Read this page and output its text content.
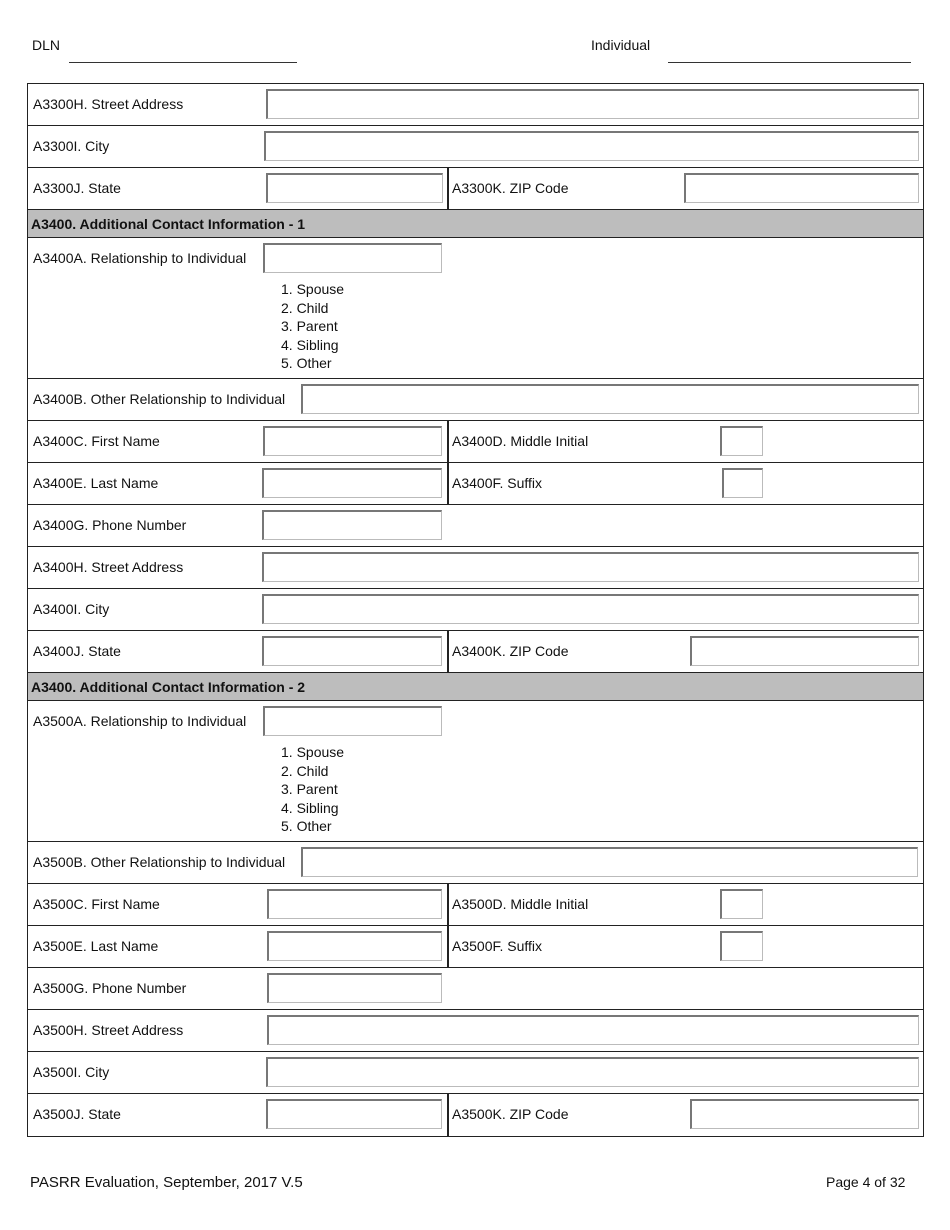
DLN	Individual
A3300H. Street Address
A3300I. City
A3300J. State	A3300K. ZIP Code
A3400. Additional Contact Information - 1
A3400A. Relationship to Individual
1. Spouse
2. Child
3. Parent
4. Sibling
5. Other
A3400B. Other Relationship to Individual
A3400C. First Name	A3400D. Middle Initial
A3400E. Last Name	A3400F. Suffix
A3400G. Phone Number
A3400H. Street Address
A3400I. City
A3400J. State	A3400K. ZIP Code
A3400. Additional Contact Information - 2
A3500A. Relationship to Individual
1. Spouse
2. Child
3. Parent
4. Sibling
5. Other
A3500B. Other Relationship to Individual
A3500C. First Name	A3500D. Middle Initial
A3500E. Last Name	A3500F. Suffix
A3500G. Phone Number
A3500H. Street Address
A3500I. City
A3500J. State	A3500K. ZIP Code
PASRR Evaluation, September, 2017 V.5	Page 4 of 32
